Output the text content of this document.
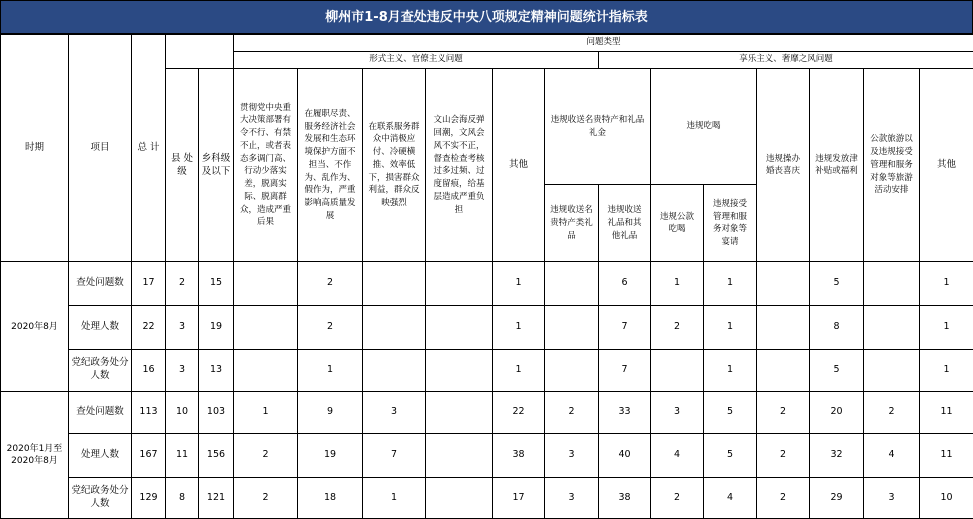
柳州市1-8月查处违反中央八项规定精神问题统计指标表
时期	项目	总 计			问题类型												
					形式主义、官僚主义问题						享乐主义、奢靡之风问题						
			县 处 级	乡科级及以下	贯彻党中央重大决策部署有令不行、有禁不止，或者表态多调门高、行动少落实差，脱离实际、脱离群众，造成严重后果	在履职尽责、服务经济社会发展和生态环境保护方面不担当、不作为、乱作为、假作为，严重影响高质量发展	在联系服务群众中消极应付、冷硬横推、效率低下，损害群众利益，群众反映强烈	文山会海反弹回潮，文风会风不实不正，督查检查考核过多过频、过度留痕，给基层造成严重负担	其他	违规收送名贵特产和礼品礼金		违规吃喝		违规操办婚丧喜庆	违规发放津补贴或福利	公款旅游以及违规接受管理和服务对象等旅游活动安排	其他
										违规收送名贵特产类礼品	违规收送礼品和其他礼品	违规公款吃喝	违规接受管理和服务对象等宴请				
2020年8月	查处问题数	17	2	15		2			1		6	1	1		5		1
	处理人数	22	3	19		2			1		7	2	1		8		1
	党纪政务处分人数	16	3	13		1			1		7		1		5		1
2020年1月至2020年8月	查处问题数	113	10	103	1	9	3		22	2	33	3	5	2	20	2	11
	处理人数	167	11	156	2	19	7		38	3	40	4	5	2	32	4	11
	党纪政务处分人数	129	8	121	2	18	1		17	3	38	2	4	2	29	3	10
